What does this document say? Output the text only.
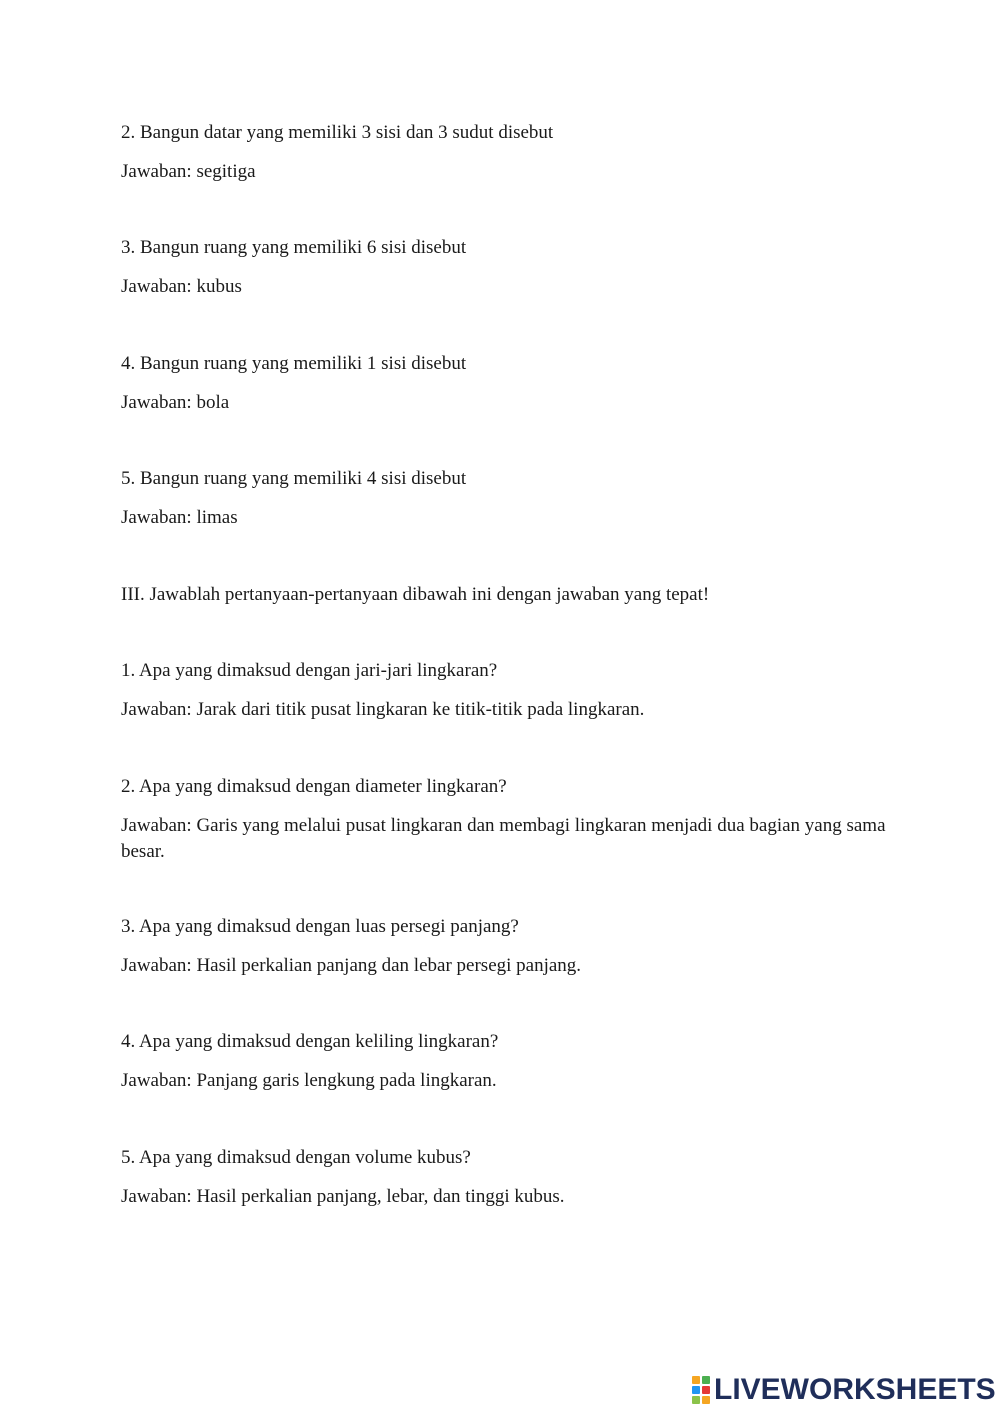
2. Bangun datar yang memiliki 3 sisi dan 3 sudut disebut
Jawaban: segitiga
3. Bangun ruang yang memiliki 6 sisi disebut
Jawaban: kubus
4. Bangun ruang yang memiliki 1 sisi disebut
Jawaban: bola
5. Bangun ruang yang memiliki 4 sisi disebut
Jawaban: limas
III. Jawablah pertanyaan-pertanyaan dibawah ini dengan jawaban yang tepat!
1. Apa yang dimaksud dengan jari-jari lingkaran?
Jawaban: Jarak dari titik pusat lingkaran ke titik-titik pada lingkaran.
2. Apa yang dimaksud dengan diameter lingkaran?
Jawaban: Garis yang melalui pusat lingkaran dan membagi lingkaran menjadi dua bagian yang sama besar.
3. Apa yang dimaksud dengan luas persegi panjang?
Jawaban: Hasil perkalian panjang dan lebar persegi panjang.
4. Apa yang dimaksud dengan keliling lingkaran?
Jawaban: Panjang garis lengkung pada lingkaran.
5. Apa yang dimaksud dengan volume kubus?
Jawaban: Hasil perkalian panjang, lebar, dan tinggi kubus.
LIVEWORKSHEETS
